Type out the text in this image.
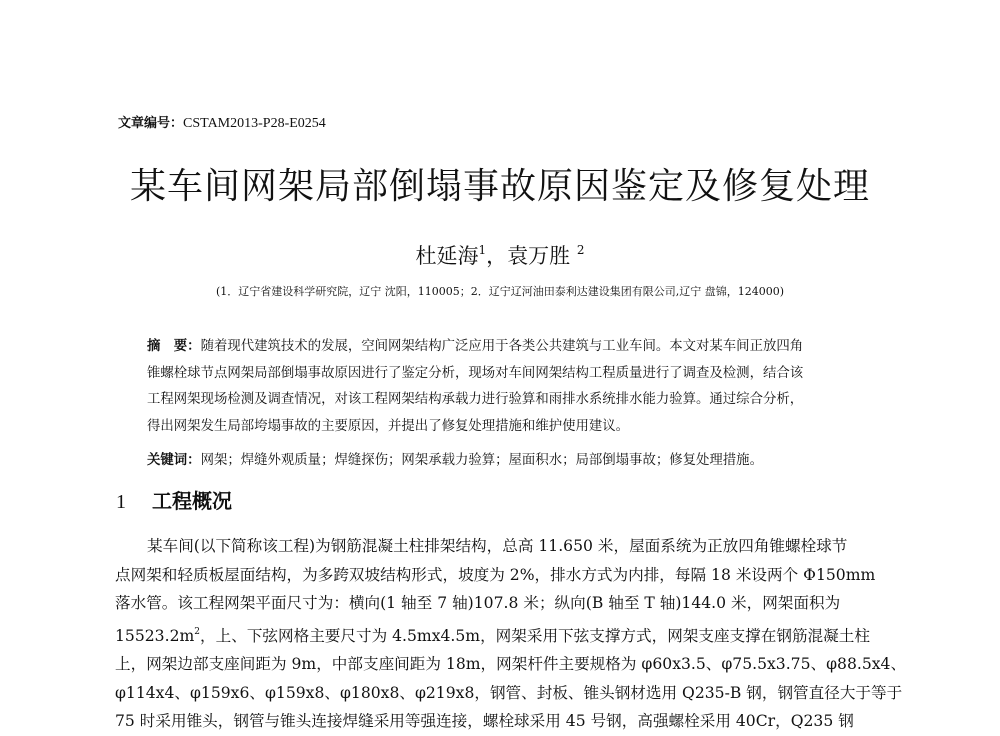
文章编号：CSTAM2013-P28-E0254
某车间网架局部倒塌事故原因鉴定及修复处理
杜延海$^1$，袁万胜 $^2$
(1．辽宁省建设科学研究院，辽宁 沈阳，110005；2．辽宁辽河油田泰利达建设集团有限公司,辽宁 盘锦，124000)
摘　要：随着现代建筑技术的发展，空间网架结构广泛应用于各类公共建筑与工业车间。本文对某车间正放四角
锥螺栓球节点网架局部倒塌事故原因进行了鉴定分析，现场对车间网架结构工程质量进行了调查及检测，结合该
工程网架现场检测及调查情况，对该工程网架结构承载力进行验算和雨排水系统排水能力验算。通过综合分析，
得出网架发生局部垮塌事故的主要原因，并提出了修复处理措施和维护使用建议。
关键词：网架；焊缝外观质量；焊缝探伤；网架承载力验算；屋面积水；局部倒塌事故；修复处理措施。
1 工程概况
某车间(以下简称该工程)为钢筋混凝土柱排架结构，总高 11.650 米，屋面系统为正放四角锥螺栓球节
点网架和轻质板屋面结构，为多跨双坡结构形式，坡度为 2%，排水方式为内排，每隔 18 米设两个 Φ150mm
落水管。该工程网架平面尺寸为：横向(1 轴至 7 轴)107.8 米；纵向(B 轴至 T 轴)144.0 米，网架面积为
$15523.2m^2$，上、下弦网格主要尺寸为 4.5mx4.5m，网架采用下弦支撑方式，网架支座支撑在钢筋混凝土柱
上，网架边部支座间距为 9m，中部支座间距为 18m，网架杆件主要规格为 φ60x3.5、φ75.5x3.75、φ88.5x4、
φ114x4、φ159x6、φ159x8、φ180x8、φ219x8，钢管、封板、锥头钢材选用 Q235-B 钢，钢管直径大于等于
75 时采用锥头，钢管与锥头连接焊缝采用等强连接，螺栓球采用 45 号钢，高强螺栓采用 40Cr，Q235 钢
